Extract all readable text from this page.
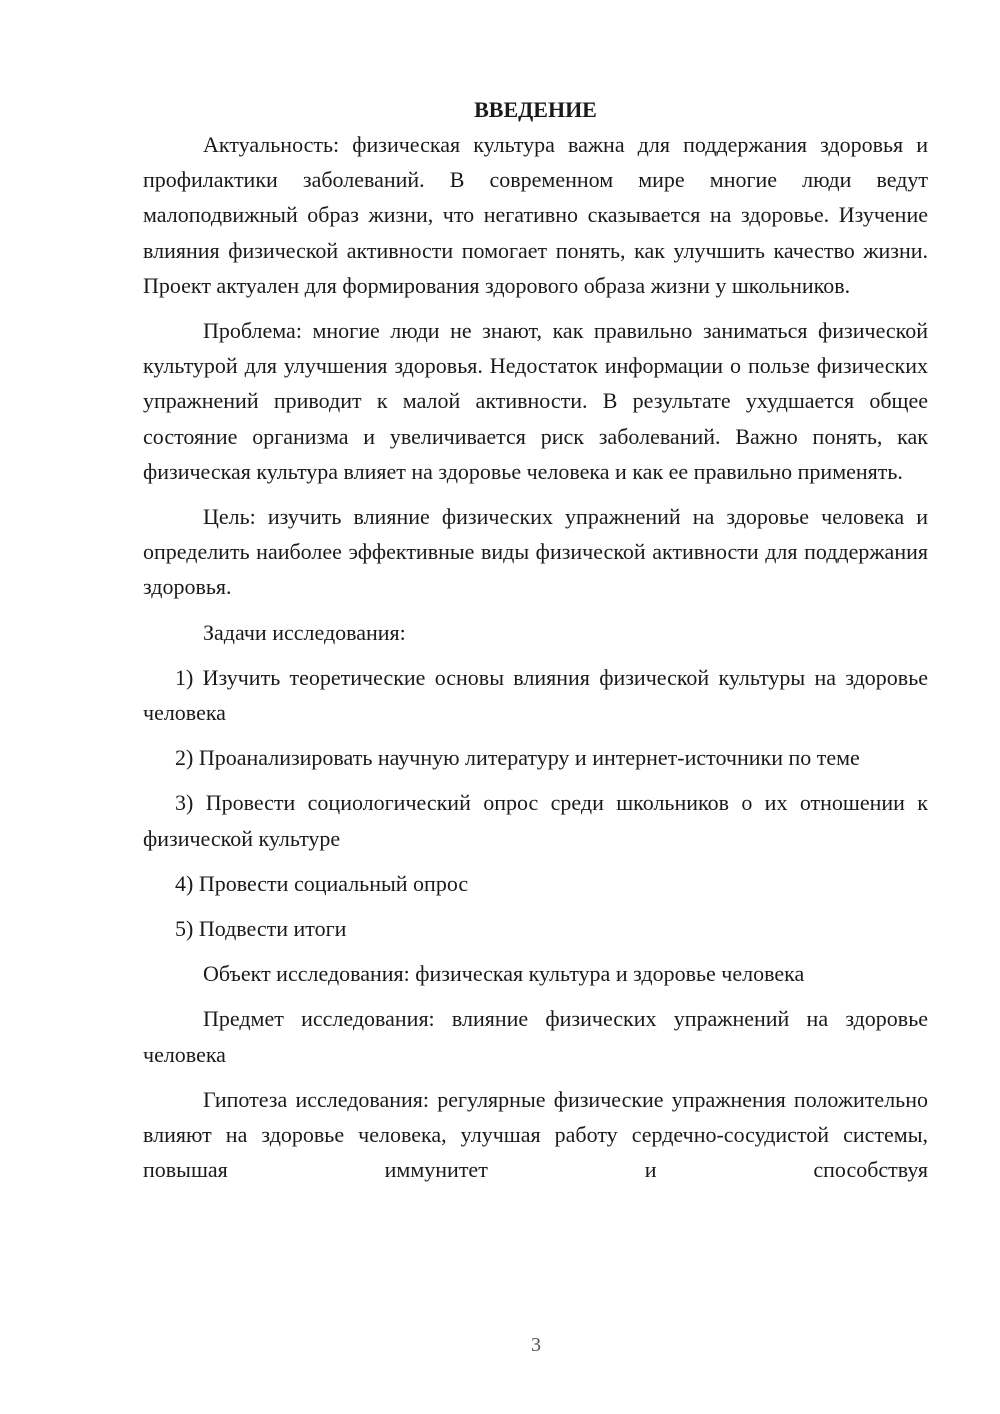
ВВЕДЕНИЕ

Актуальность: физическая культура важна для поддержания здоровья и профилактики заболеваний. В современном мире многие люди ведут малоподвижный образ жизни, что негативно сказывается на здоровье. Изучение влияния физической активности помогает понять, как улучшить качество жизни. Проект актуален для формирования здорового образа жизни у школьников.

Проблема: многие люди не знают, как правильно заниматься физической культурой для улучшения здоровья. Недостаток информации о пользе физических упражнений приводит к малой активности. В результате ухудшается общее состояние организма и увеличивается риск заболеваний. Важно понять, как физическая культура влияет на здоровье человека и как ее правильно применять.

Цель: изучить влияние физических упражнений на здоровье человека и определить наиболее эффективные виды физической активности для поддержания здоровья.

Задачи исследования:

1) Изучить теоретические основы влияния физической культуры на здоровье человека

2) Проанализировать научную литературу и интернет-источники по теме

3) Провести социологический опрос среди школьников о их отношении к физической культуре

4) Провести социальный опрос

5) Подвести итоги

Объект исследования: физическая культура и здоровье человека

Предмет исследования: влияние физических упражнений на здоровье человека

Гипотеза исследования: регулярные физические упражнения положительно влияют на здоровье человека, улучшая работу сердечно-сосудистой системы, повышая иммунитет и способствуя

3
